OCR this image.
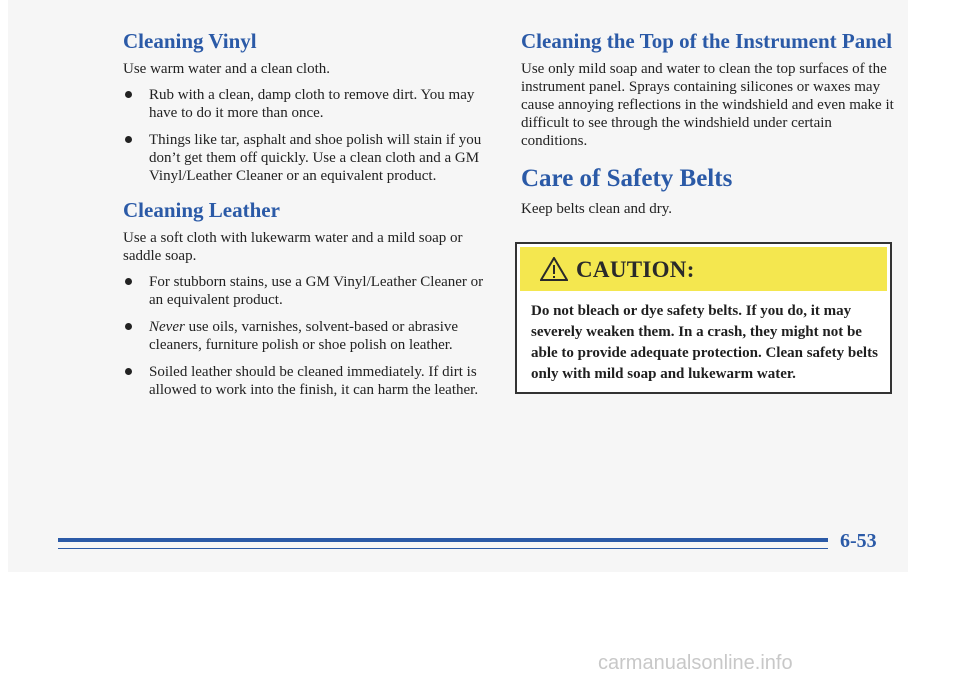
Cleaning Vinyl

Use warm water and a clean cloth.

Rub with a clean, damp cloth to remove dirt. You may have to do it more than once.
Things like tar, asphalt and shoe polish will stain if you don’t get them off quickly. Use a clean cloth and a GM Vinyl/Leather Cleaner or an equivalent product.
Cleaning Leather

Use a soft cloth with lukewarm water and a mild soap or saddle soap.

For stubborn stains, use a GM Vinyl/Leather Cleaner or an equivalent product.
Never use oils, varnishes, solvent-based or abrasive cleaners, furniture polish or shoe polish on leather.
Soiled leather should be cleaned immediately. If dirt is allowed to work into the finish, it can harm the leather.
Cleaning the Top of the Instrument Panel

Use only mild soap and water to clean the top surfaces of the instrument panel. Sprays containing silicones or waxes may cause annoying reflections in the windshield and even make it difficult to see through the windshield under certain conditions.

Care of Safety Belts

Keep belts clean and dry.

CAUTION:
Do not bleach or dye safety belts. If you do, it may severely weaken them. In a crash, they might not be able to provide adequate protection. Clean safety belts only with mild soap and lukewarm water.
6-53
carmanualsonline.info
